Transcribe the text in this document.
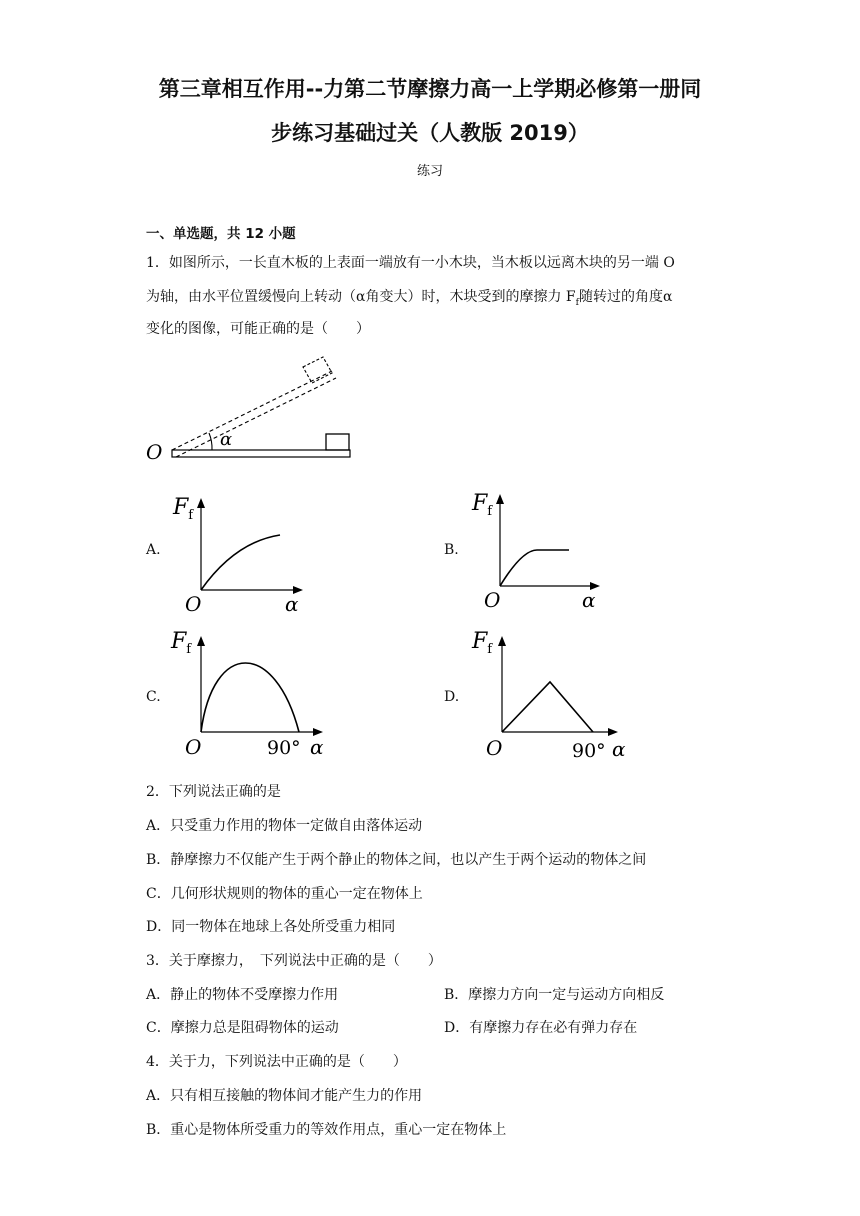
第三章相互作用--力第二节摩擦力高一上学期必修第一册同
步练习基础过关（人教版 2019）
练习
一、单选题，共 12 小题
1．如图所示，一长直木板的上表面一端放有一小木块，当木板以远离木块的另一端 O
为轴，由水平位置缓慢向上转动（α角变大）时，木块受到的摩擦力 $F_f$随转过的角度α
变化的图像，可能正确的是（　　）
O
α
A.
$F_f$
O	α
B.
$F_f$
O	α
C.
$F_f$
O	90° α
D.
$F_f$
O	90° α
2．下列说法正确的是
A．只受重力作用的物体一定做自由落体运动
B．静摩擦力不仅能产生于两个静止的物体之间，也以产生于两个运动的物体之间
C．几何形状规则的物体的重心一定在物体上
D．同一物体在地球上各处所受重力相同
3．关于摩擦力，　下列说法中正确的是（　　）
A．静止的物体不受摩擦力作用	B．摩擦力方向一定与运动方向相反
C．摩擦力总是阻碍物体的运动	D．有摩擦力存在必有弹力存在
4．关于力，下列说法中正确的是（　　）
A．只有相互接触的物体间才能产生力的作用
B．重心是物体所受重力的等效作用点，重心一定在物体上
